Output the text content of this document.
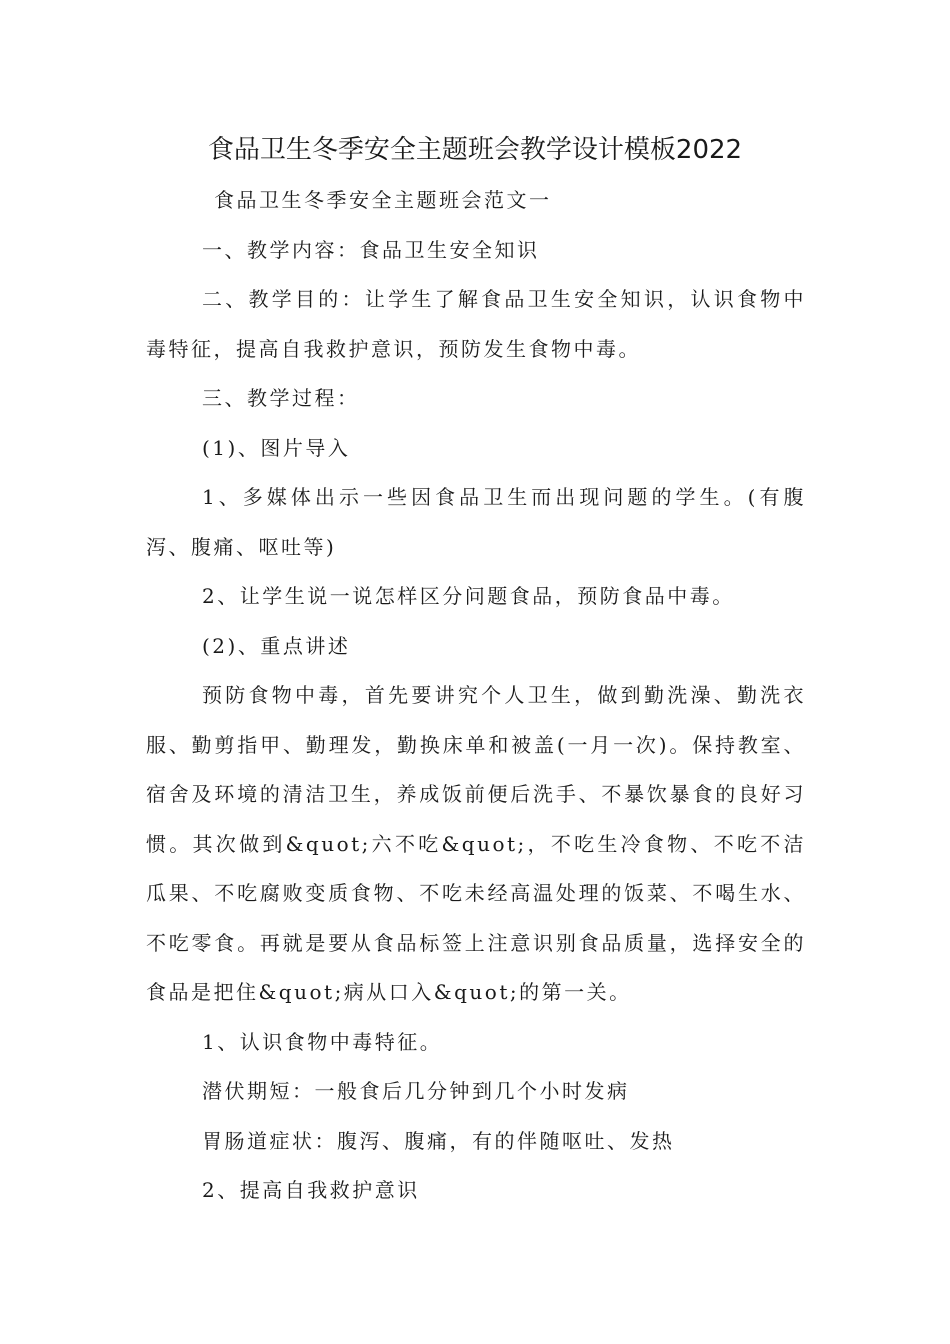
食品卫生冬季安全主题班会教学设计模板2022

食品卫生冬季安全主题班会范文一

一、教学内容：食品卫生安全知识

二、教学目的：让学生了解食品卫生安全知识，认识食物中毒特征，提高自我救护意识，预防发生食物中毒。

三、教学过程：

(1)、图片导入

1、多媒体出示一些因食品卫生而出现问题的学生。(有腹泻、腹痛、呕吐等)

2、让学生说一说怎样区分问题食品，预防食品中毒。

(2)、重点讲述

预防食物中毒，首先要讲究个人卫生，做到勤洗澡、勤洗衣服、勤剪指甲、勤理发，勤换床单和被盖(一月一次)。保持教室、宿舍及环境的清洁卫生，养成饭前便后洗手、不暴饮暴食的良好习惯。其次做到&quot;六不吃&quot;，不吃生冷食物、不吃不洁瓜果、不吃腐败变质食物、不吃未经高温处理的饭菜、不喝生水、不吃零食。再就是要从食品标签上注意识别食品质量，选择安全的食品是把住&quot;病从口入&quot;的第一关。

1、认识食物中毒特征。

潜伏期短：一般食后几分钟到几个小时发病

胃肠道症状：腹泻、腹痛，有的伴随呕吐、发热

2、提高自我救护意识
